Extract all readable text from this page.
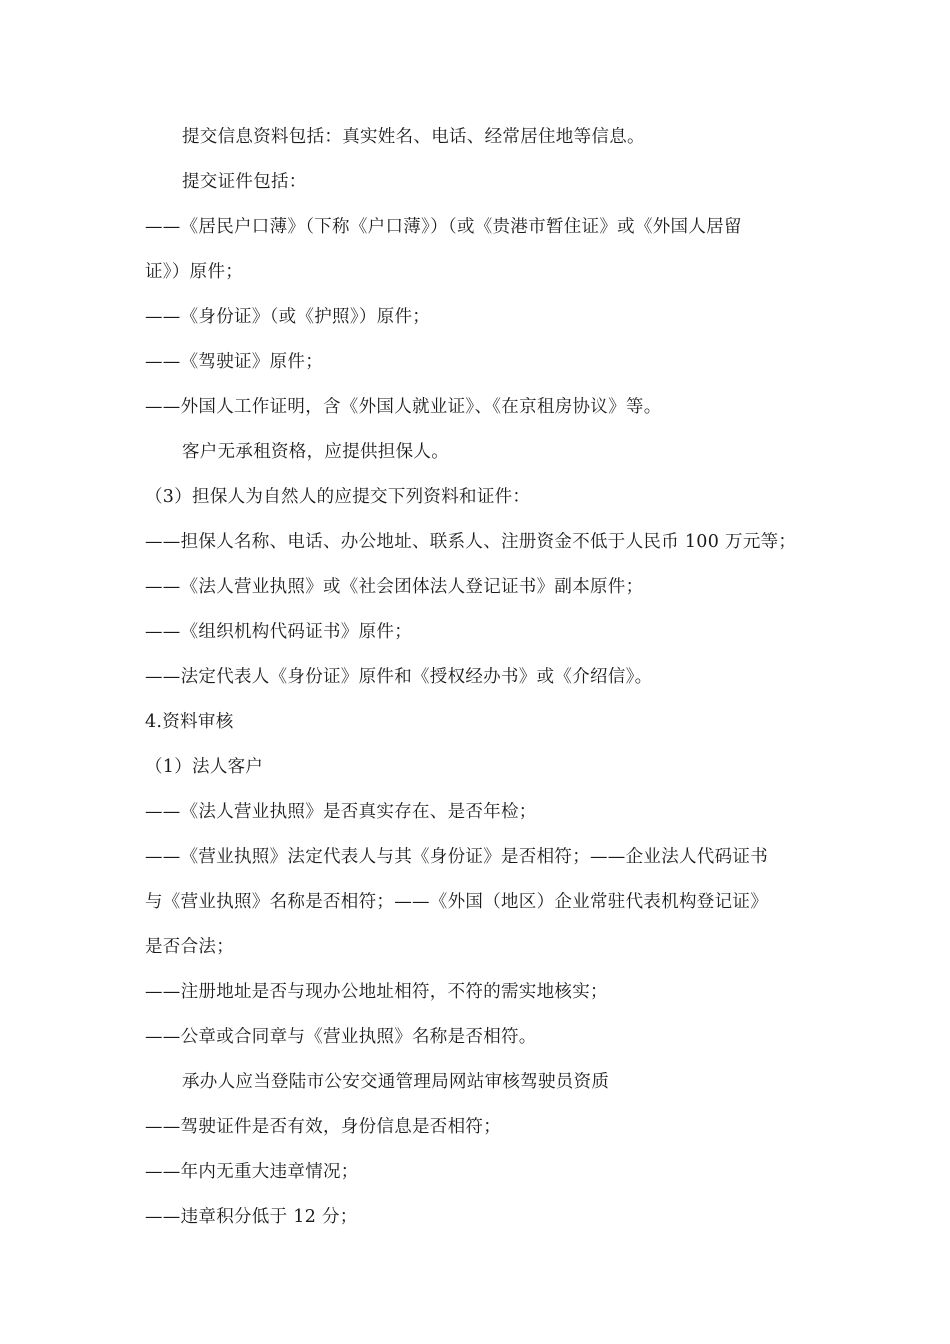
提交信息资料包括：真实姓名、电话、经常居住地等信息。
提交证件包括：
——《居民户口薄》（下称《户口薄》）（或《贵港市暂住证》或《外国人居留
证》）原件；
——《身份证》（或《护照》）原件；
——《驾驶证》原件；
——外国人工作证明，含《外国人就业证》、《在京租房协议》等。
客户无承租资格，应提供担保人。
（3）担保人为自然人的应提交下列资料和证件：
——担保人名称、电话、办公地址、联系人、注册资金不低于人民币 100 万元等；
——《法人营业执照》或《社会团体法人登记证书》副本原件；
——《组织机构代码证书》原件；
——法定代表人《身份证》原件和《授权经办书》或《介绍信》。
4.资料审核
（1）法人客户
——《法人营业执照》是否真实存在、是否年检；
——《营业执照》法定代表人与其《身份证》是否相符；——企业法人代码证书
与《营业执照》名称是否相符；——《外国（地区）企业常驻代表机构登记证》
是否合法；
——注册地址是否与现办公地址相符，不符的需实地核实；
——公章或合同章与《营业执照》名称是否相符。
承办人应当登陆市公安交通管理局网站审核驾驶员资质
——驾驶证件是否有效，身份信息是否相符；
——年内无重大违章情况；
——违章积分低于 12 分；
